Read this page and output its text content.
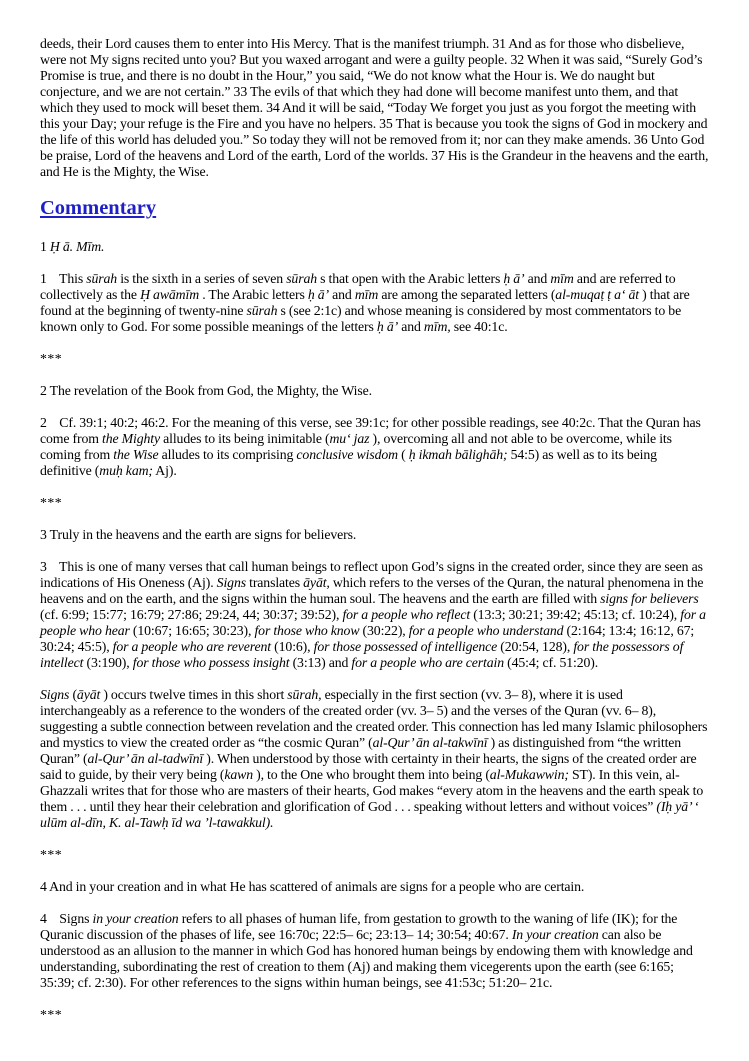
deeds, their Lord causes them to enter into His Mercy. That is the manifest triumph. 31 And as for those who disbelieve, were not My signs recited unto you? But you waxed arrogant and were a guilty people. 32 When it was said, “Surely God’s Promise is true, and there is no doubt in the Hour,” you said, “We do not know what the Hour is. We do naught but conjecture, and we are not certain.” 33 The evils of that which they had done will become manifest unto them, and that which they used to mock will beset them. 34 And it will be said, “Today We forget you just as you forgot the meeting with this your Day; your refuge is the Fire and you have no helpers. 35 That is because you took the signs of God in mockery and the life of this world has deluded you.” So today they will not be removed from it; nor can they make amends. 36 Unto God be praise, Lord of the heavens and Lord of the earth, Lord of the worlds. 37 His is the Grandeur in the heavens and the earth, and He is the Mighty, the Wise.

Commentary

1 Ḥ ā. Mīm.

1    This sūrah is the sixth in a series of seven sūrah s that open with the Arabic letters ḥ ā’ and mīm and are referred to collectively as the Ḥ awāmīm . The Arabic letters ḥ ā’ and mīm are among the separated letters (al-muqaṭ ṭ a‘ āt ) that are found at the beginning of twenty-nine sūrah s (see 2:1c) and whose meaning is considered by most commentators to be known only to God. For some possible meanings of the letters ḥ ā’ and mīm, see 40:1c.

***

2 The revelation of the Book from God, the Mighty, the Wise.

2    Cf. 39:1; 40:2; 46:2. For the meaning of this verse, see 39:1c; for other possible readings, see 40:2c. That the Quran has come from the Mighty alludes to its being inimitable (mu‘ jaz ), overcoming all and not able to be overcome, while its coming from the Wise alludes to its comprising conclusive wisdom ( ḥ ikmah bālighāh; 54:5) as well as to its being definitive (muḥ kam; Aj).

***

3 Truly in the heavens and the earth are signs for believers.

3    This is one of many verses that call human beings to reflect upon God’s signs in the created order, since they are seen as indications of His Oneness (Aj). Signs translates āyāt, which refers to the verses of the Quran, the natural phenomena in the heavens and on the earth, and the signs within the human soul. The heavens and the earth are filled with signs for believers (cf. 6:99; 15:77; 16:79; 27:86; 29:24, 44; 30:37; 39:52), for a people who reflect (13:3; 30:21; 39:42; 45:13; cf. 10:24), for a people who hear (10:67; 16:65; 30:23), for those who know (30:22), for a people who understand (2:164; 13:4; 16:12, 67; 30:24; 45:5), for a people who are reverent (10:6), for those possessed of intelligence (20:54, 128), for the possessors of intellect (3:190), for those who possess insight (3:13) and for a people who are certain (45:4; cf. 51:20).

Signs (āyāt ) occurs twelve times in this short sūrah, especially in the first section (vv. 3– 8), where it is used interchangeably as a reference to the wonders of the created order (vv. 3– 5) and the verses of the Quran (vv. 6– 8), suggesting a subtle connection between revelation and the created order. This connection has led many Islamic philosophers and mystics to view the created order as “the cosmic Quran” (al-Qur’ ān al-takwīnī ) as distinguished from “the written Quran” (al-Qur’ ān al-tadwīnī ). When understood by those with certainty in their hearts, the signs of the created order are said to guide, by their very being (kawn ), to the One who brought them into being (al-Mukawwin; ST). In this vein, al-Ghazzali writes that for those who are masters of their hearts, God makes “every atom in the heavens and the earth speak to them . . . until they hear their celebration and glorification of God . . . speaking without letters and without voices” (Iḥ yā’ ‘ ulūm al-dīn, K. al-Tawḥ īd wa ’l-tawakkul).

***

4 And in your creation and in what He has scattered of animals are signs for a people who are certain.

4    Signs in your creation refers to all phases of human life, from gestation to growth to the waning of life (IK); for the Quranic discussion of the phases of life, see 16:70c; 22:5– 6c; 23:13– 14; 30:54; 40:67. In your creation can also be understood as an allusion to the manner in which God has honored human beings by endowing them with knowledge and understanding, subordinating the rest of creation to them (Aj) and making them vicegerents upon the earth (see 6:165; 35:39; cf. 2:30). For other references to the signs within human beings, see 41:53c; 51:20– 21c.

***
